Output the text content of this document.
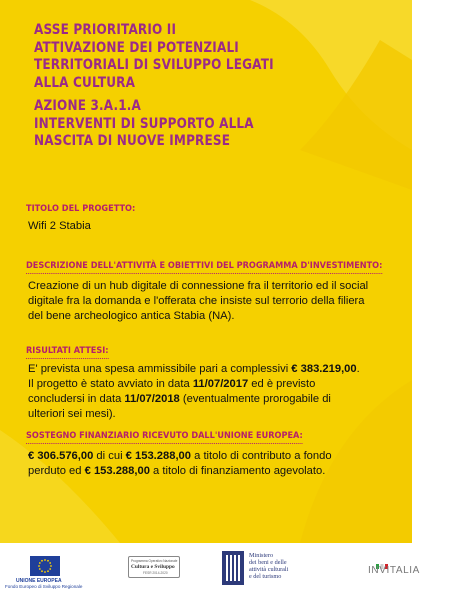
ASSE PRIORITARIO II
ATTIVAZIONE DEI POTENZIALI
TERRITORIALI DI SVILUPPO LEGATI
ALLA CULTURA
AZIONE 3.A.1.A
INTERVENTI DI SUPPORTO ALLA
NASCITA DI NUOVE IMPRESE
TITOLO DEL PROGETTO:
Wifi 2 Stabia
DESCRIZIONE DELL'ATTIVITÀ E OBIETTIVI DEL PROGRAMMA D'INVESTIMENTO:
Creazione di un hub digitale di connessione fra il territorio ed il social
digitale fra la domanda e l'offerata che insiste sul terrorio della filiera
del bene archeologico antica Stabia (NA).
RISULTATI ATTESI:
E' prevista una spesa ammissibile pari a complessivi € 383.219,00.
Il progetto è stato avviato in data 11/07/2017 ed è previsto
concludersi in data 11/07/2018 (eventualmente prorogabile di
ulteriori sei mesi).
SOSTEGNO FINANZIARIO RICEVUTO DALL'UNIONE EUROPEA:
€ 306.576,00 di cui € 153.288,00 a titolo di contributo a fondo
perduto ed € 153.288,00 a titolo di finanziamento agevolato.
UNIONE EUROPEA
Fondo Europeo di Sviluppo Regionale
Programma Operativo Nazionale
Cultura e Sviluppo
FESR 2014-2020
Ministero
dei beni e delle
attività culturali
e del turismo
INVITALIA
